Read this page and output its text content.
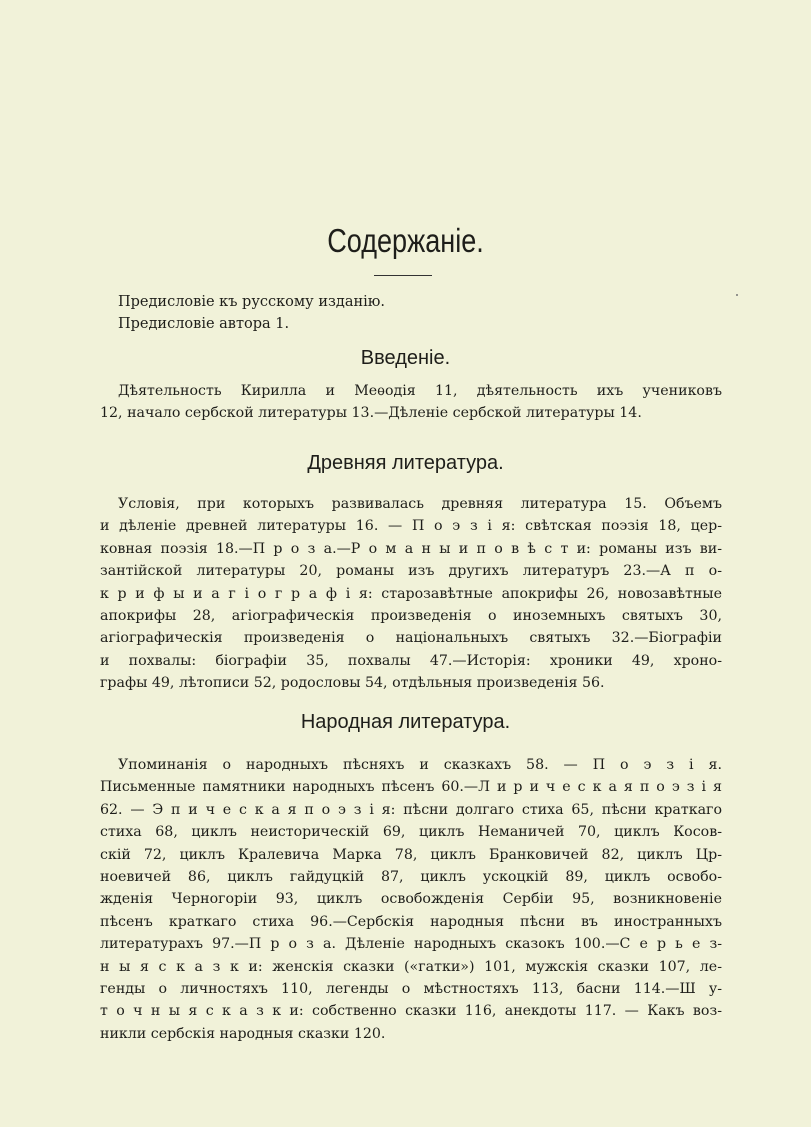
Содержаніе.
Предисловіе къ русскому изданію.
Предисловіе автора 1.
Введеніе.
Дѣятельность Кирилла и Меѳодія 11, дѣятельность ихъ учениковъ
12, начало сербской литературы 13.—Дѣленіе сербской литературы 14.
Древняя литература.
Условія, при которыхъ развивалась древняя литература 15. Объемъ
и дѣленіе древней литературы 16. — П о э з і я: свѣтская поэзія 18, цер-
ковная поэзія 18.—П р о з а.—Р о м а н ы и п о в ѣ с т и: романы изъ ви-
зантійской литературы 20, романы изъ другихъ литературъ 23.—А п о-
к р и ф ы и а г і о г р а ф і я: старозавѣтные апокрифы 26, новозавѣтные
апокрифы 28, агіографическія произведенія о иноземныхъ святыхъ 30,
агіографическія произведенія о національныхъ святыхъ 32.—Біографіи
и похвалы: біографіи 35, похвалы 47.—Исторія: хроники 49, хроно-
графы 49, лѣтописи 52, родословы 54, отдѣльныя произведенія 56.
Народная литература.
Упоминанія о народныхъ пѣсняхъ и сказкахъ 58. — П о э з і я.
Письменные памятники народныхъ пѣсенъ 60.—Л и р и ч е с к а я п о э з і я
62. — Э п и ч е с к а я п о э з і я: пѣсни долгаго стиха 65, пѣсни краткаго
стиха 68, циклъ неисторическій 69, циклъ Неманичей 70, циклъ Косов-
скій 72, циклъ Кралевича Марка 78, циклъ Бранковичей 82, циклъ Цр-
ноевичей 86, циклъ гайдуцкій 87, циклъ ускоцкій 89, циклъ освобо-
жденія Черногоріи 93, циклъ освобожденія Сербіи 95, возникновеніе
пѣсенъ краткаго стиха 96.—Сербскія народныя пѣсни въ иностранныхъ
литературахъ 97.—П р о з а. Дѣленіе народныхъ сказокъ 100.—С е р ь е з-
н ы я с к а з к и: женскія сказки («гатки») 101, мужскія сказки 107, ле-
генды о личностяхъ 110, легенды о мѣстностяхъ 113, басни 114.—Ш у-
т о ч н ы я с к а з к и: собственно сказки 116, анекдоты 117. — Какъ воз-
никли сербскія народныя сказки 120.
